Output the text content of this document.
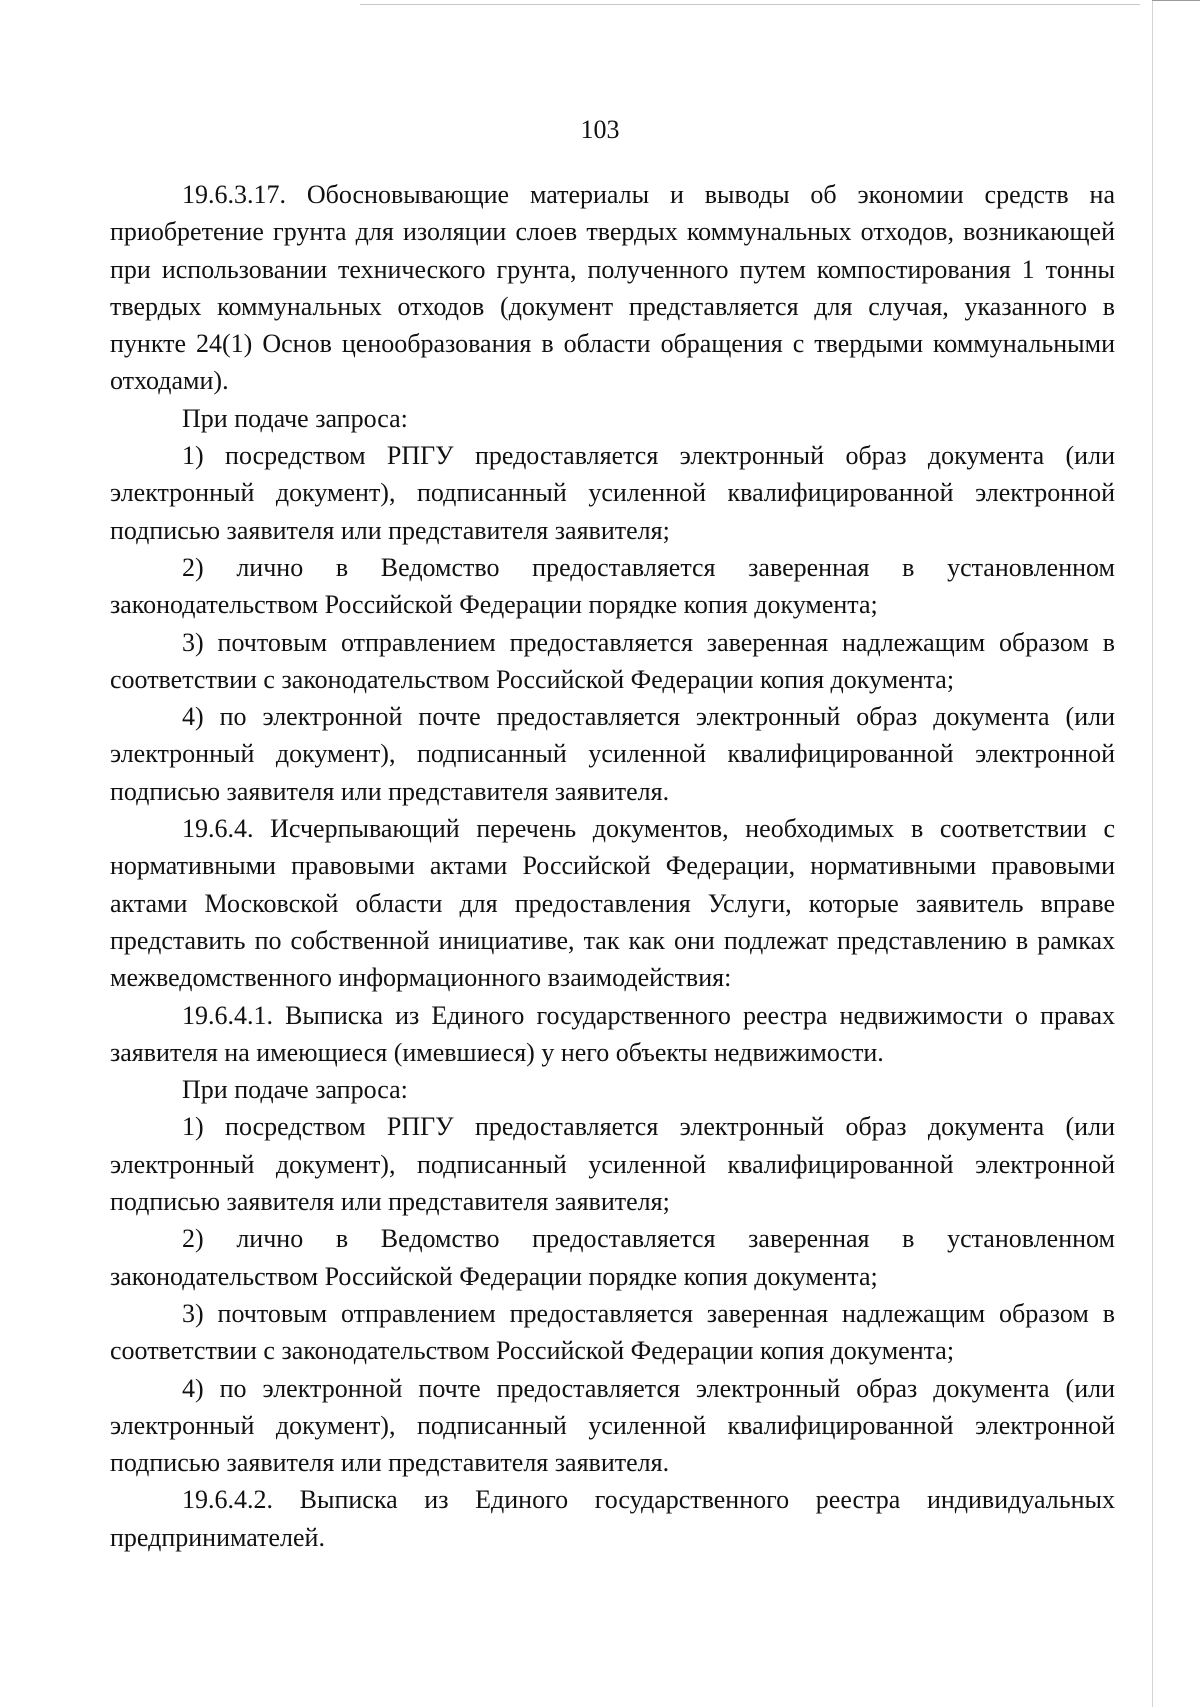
103

19.6.3.17. Обосновывающие материалы и выводы об экономии средств на приобретение грунта для изоляции слоев твердых коммунальных отходов, возникающей при использовании технического грунта, полученного путем компостирования 1 тонны твердых коммунальных отходов (документ представляется для случая, указанного в пункте 24(1) Основ ценообразования в области обращения с твердыми коммунальными отходами).

При подаче запроса:

1) посредством РПГУ предоставляется электронный образ документа (или электронный документ), подписанный усиленной квалифицированной электронной подписью заявителя или представителя заявителя;

2) лично в Ведомство предоставляется заверенная в установленном законодательством Российской Федерации порядке копия документа;

3) почтовым отправлением предоставляется заверенная надлежащим образом в соответствии с законодательством Российской Федерации копия документа;

4) по электронной почте предоставляется электронный образ документа (или электронный документ), подписанный усиленной квалифицированной электронной подписью заявителя или представителя заявителя.

19.6.4. Исчерпывающий перечень документов, необходимых в соответствии с нормативными правовыми актами Российской Федерации, нормативными правовыми актами Московской области для предоставления Услуги, которые заявитель вправе представить по собственной инициативе, так как они подлежат представлению в рамках межведомственного информационного взаимодействия:

19.6.4.1. Выписка из Единого государственного реестра недвижимости о правах заявителя на имеющиеся (имевшиеся) у него объекты недвижимости.

При подаче запроса:

1) посредством РПГУ предоставляется электронный образ документа (или электронный документ), подписанный усиленной квалифицированной электронной подписью заявителя или представителя заявителя;

2) лично в Ведомство предоставляется заверенная в установленном законодательством Российской Федерации порядке копия документа;

3) почтовым отправлением предоставляется заверенная надлежащим образом в соответствии с законодательством Российской Федерации копия документа;

4) по электронной почте предоставляется электронный образ документа (или электронный документ), подписанный усиленной квалифицированной электронной подписью заявителя или представителя заявителя.

19.6.4.2. Выписка из Единого государственного реестра индивидуальных предпринимателей.
